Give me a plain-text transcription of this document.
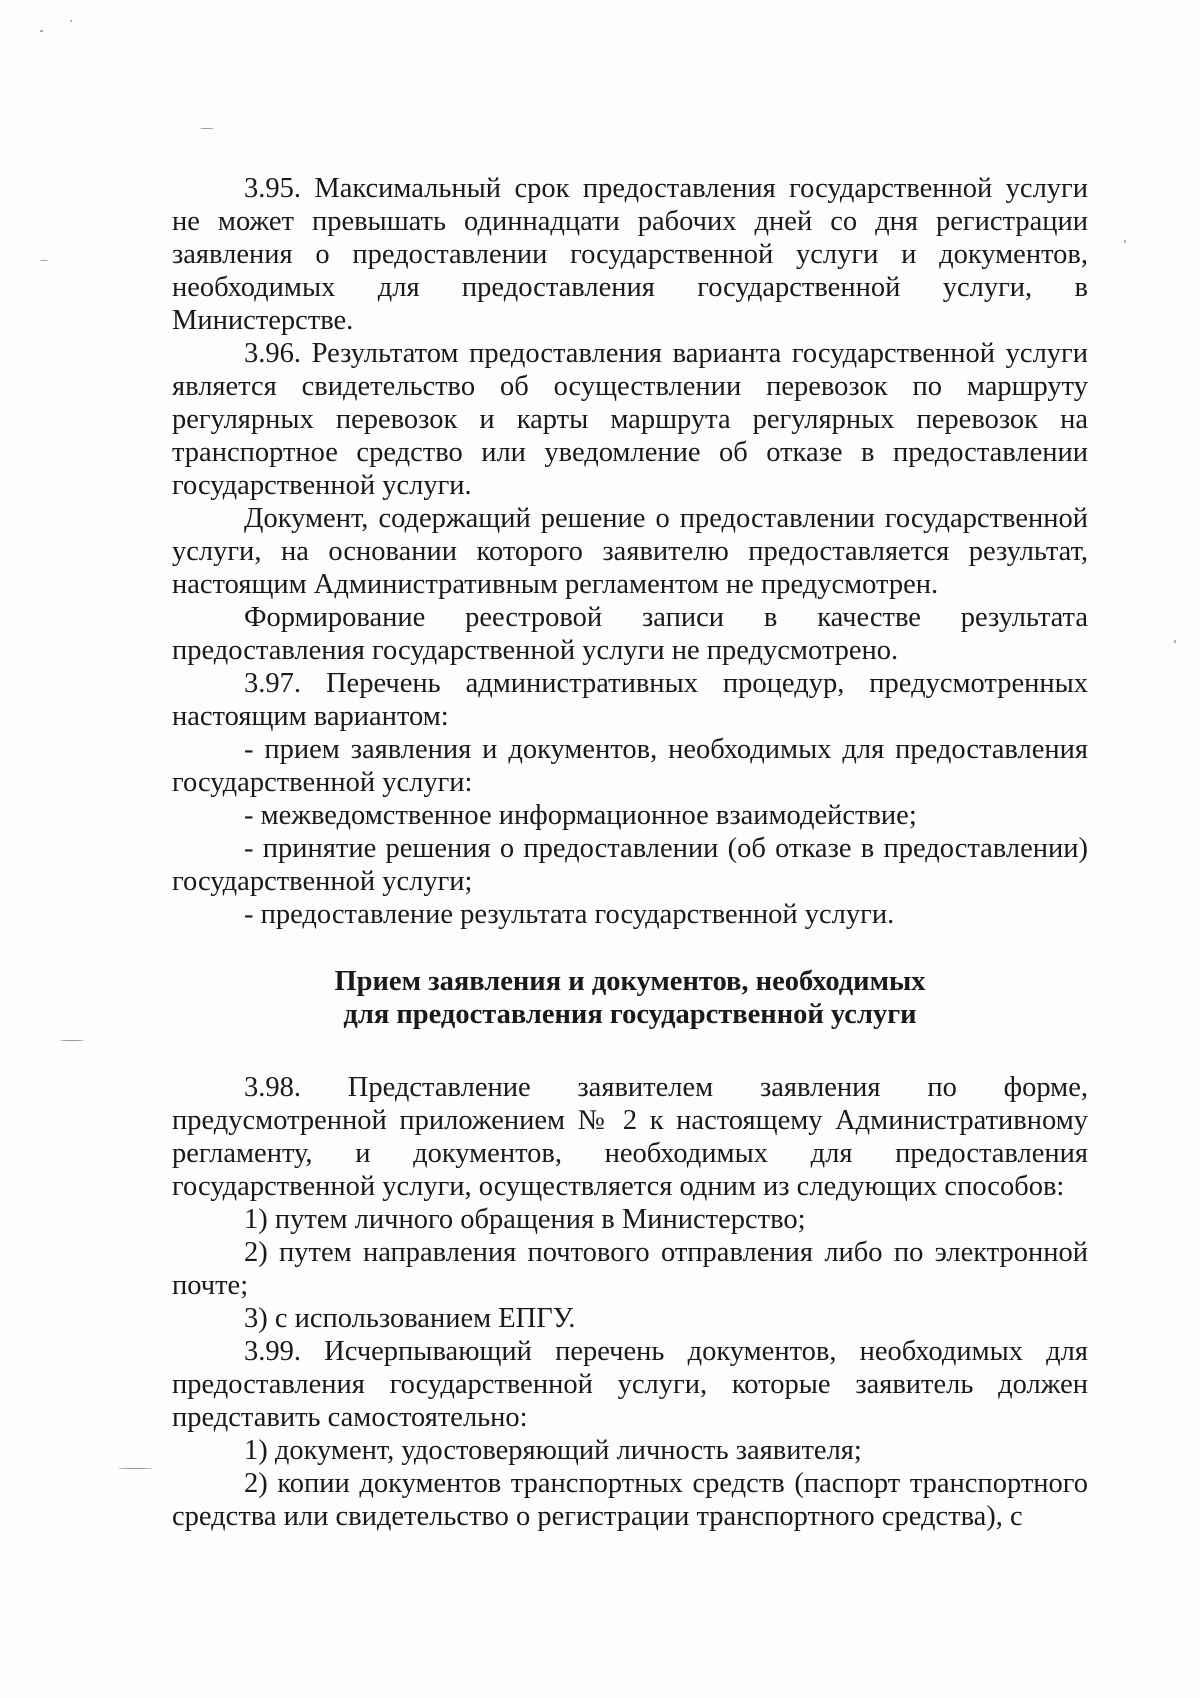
3.95. Максимальный срок предоставления государственной услуги не может превышать одиннадцати рабочих дней со дня регистрации заявления о предоставлении государственной услуги и документов, необходимых для предоставления государственной услуги, в Министерстве.

3.96. Результатом предоставления варианта государственной услуги является свидетельство об осуществлении перевозок по маршруту регулярных перевозок и карты маршрута регулярных перевозок на транспортное средство или уведомление об отказе в предоставлении государственной услуги.

Документ, содержащий решение о предоставлении государственной услуги, на основании которого заявителю предоставляется результат, настоящим Административным регламентом не предусмотрен.

Формирование реестровой записи в качестве результата предоставления государственной услуги не предусмотрено.

3.97. Перечень административных процедур, предусмотренных настоящим вариантом:

- прием заявления и документов, необходимых для предоставления государственной услуги:

- межведомственное информационное взаимодействие;

- принятие решения о предоставлении (об отказе в предоставлении) государственной услуги;

- предоставление результата государственной услуги.

Прием заявления и документов, необходимых
для предоставления государственной услуги

3.98. Представление заявителем заявления по форме, предусмотренной приложением № 2 к настоящему Административному регламенту, и документов, необходимых для предоставления государственной услуги, осуществляется одним из следующих способов:

1) путем личного обращения в Министерство;

2) путем направления почтового отправления либо по электронной почте;

3) с использованием ЕПГУ.

3.99. Исчерпывающий перечень документов, необходимых для предоставления государственной услуги, которые заявитель должен представить самостоятельно:

1) документ, удостоверяющий личность заявителя;

2) копии документов транспортных средств (паспорт транспортного средства или свидетельство о регистрации транспортного средства), с
